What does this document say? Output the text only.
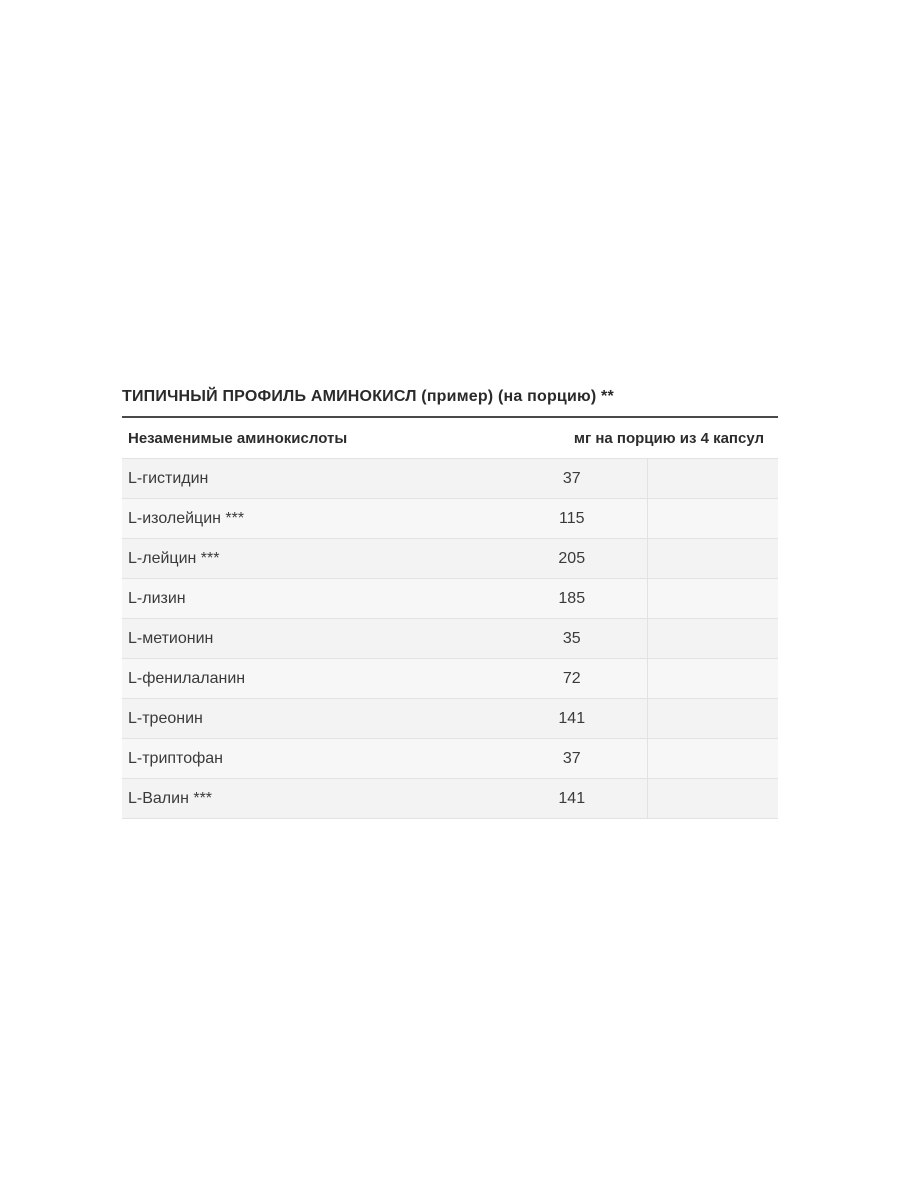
ТИПИЧНЫЙ ПРОФИЛЬ АМИНОКИСЛ (пример) (на порцию) **
Незаменимые аминокислоты	мг на порцию из 4 капсул	
L-гистидин	37	
L-изолейцин ***	115	
L-лейцин ***	205	
L-лизин	185	
L-метионин	35	
L-фенилаланин	72	
L-треонин	141	
L-триптофан	37	
L-Валин ***	141	
